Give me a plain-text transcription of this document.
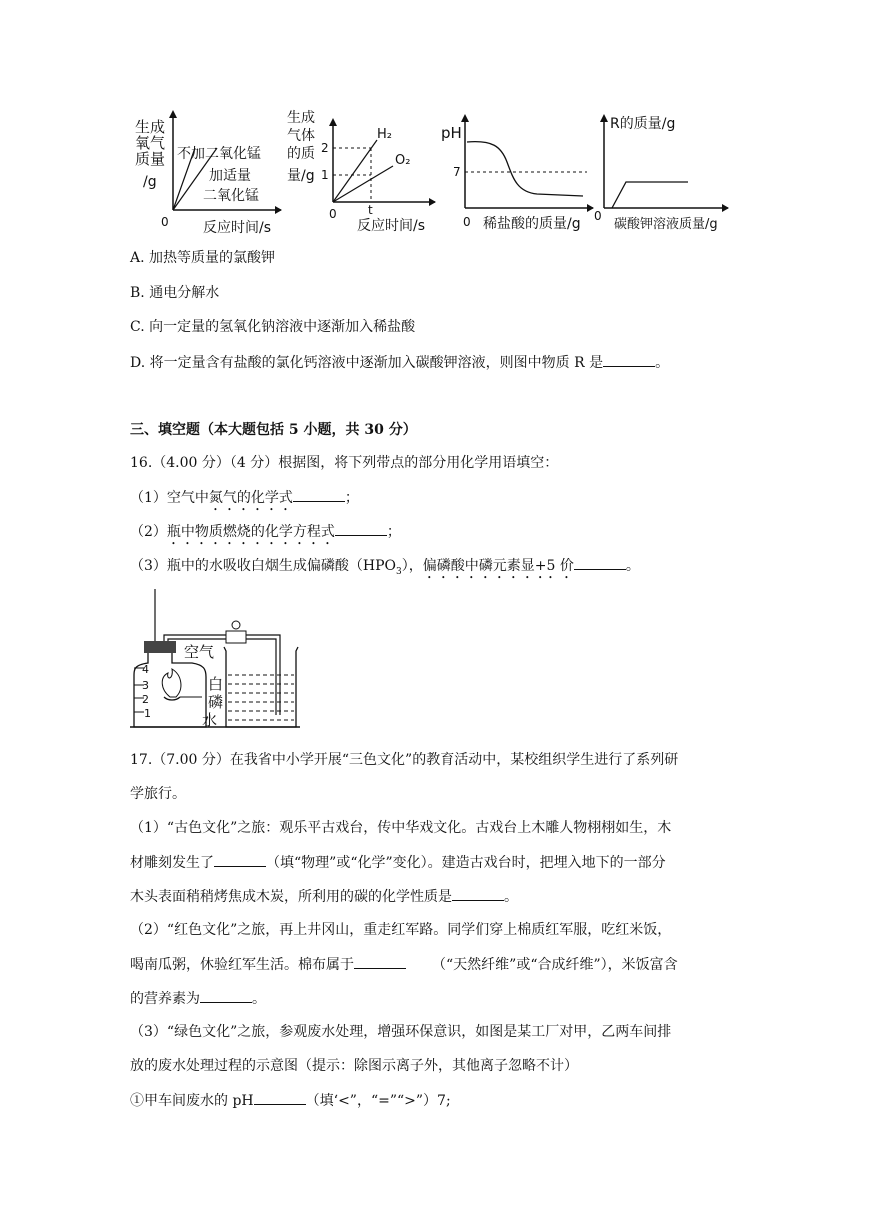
生成
氧气
质量
/g
不加二氧化锰
加适量
二氧化锰
0 反应时间/s
生成
气体
的质
量/g
2
1
H₂
O₂
0	t
反应时间/s
pH
7
0 稀盐酸的质量/g
R的质量/g
0
碳酸钾溶液质量/g
A. 加热等质量的氯酸钾
B. 通电分解水
C. 向一定量的氢氧化钠溶液中逐渐加入稀盐酸
D. 将一定量含有盐酸的氯化钙溶液中逐渐加入碳酸钾溶液，则图中物质 R 是	。
三、填空题（本大题包括 5 小题，共 30 分）
16.（4.00 分）（4 分）根据图，将下列带点的部分用化学用语填空：
（1）空气中氮气的化学式	；
（2）瓶中物质燃烧的化学方程式	；
（3）瓶中的水吸收白烟生成偏磷酸$(HPO_3)$，偏磷酸中磷元素显+5 价	。
4
3
2
1
空气
白
磷
水
17.（7.00 分）在我省中小学开展“三色文化”的教育活动中，某校组织学生进行了系列研
学旅行。
（1）“古色文化”之旅：观乐平古戏台，传中华戏文化。古戏台上木雕人物栩栩如生，木
材雕刻发生了	（填“物理”或“化学”变化）。建造古戏台时，把埋入地下的一部分
木头表面稍稍烤焦成木炭，所利用的碳的化学性质是	。
（2）“红色文化”之旅，再上井冈山，重走红军路。同学们穿上棉质红军服，吃红米饭，
喝南瓜粥，休验红军生活。棉布属于	（“天然纤维”或“合成纤维”），米饭富含
的营养素为	。
（3）“绿色文化”之旅，参观废水处理，增强环保意识，如图是某工厂对甲，乙两车间排
放的废水处理过程的示意图（提示：除图示离子外，其他离子忽略不计）
①甲车间废水的 pH	（填‘<”，“=”“>”）7;
